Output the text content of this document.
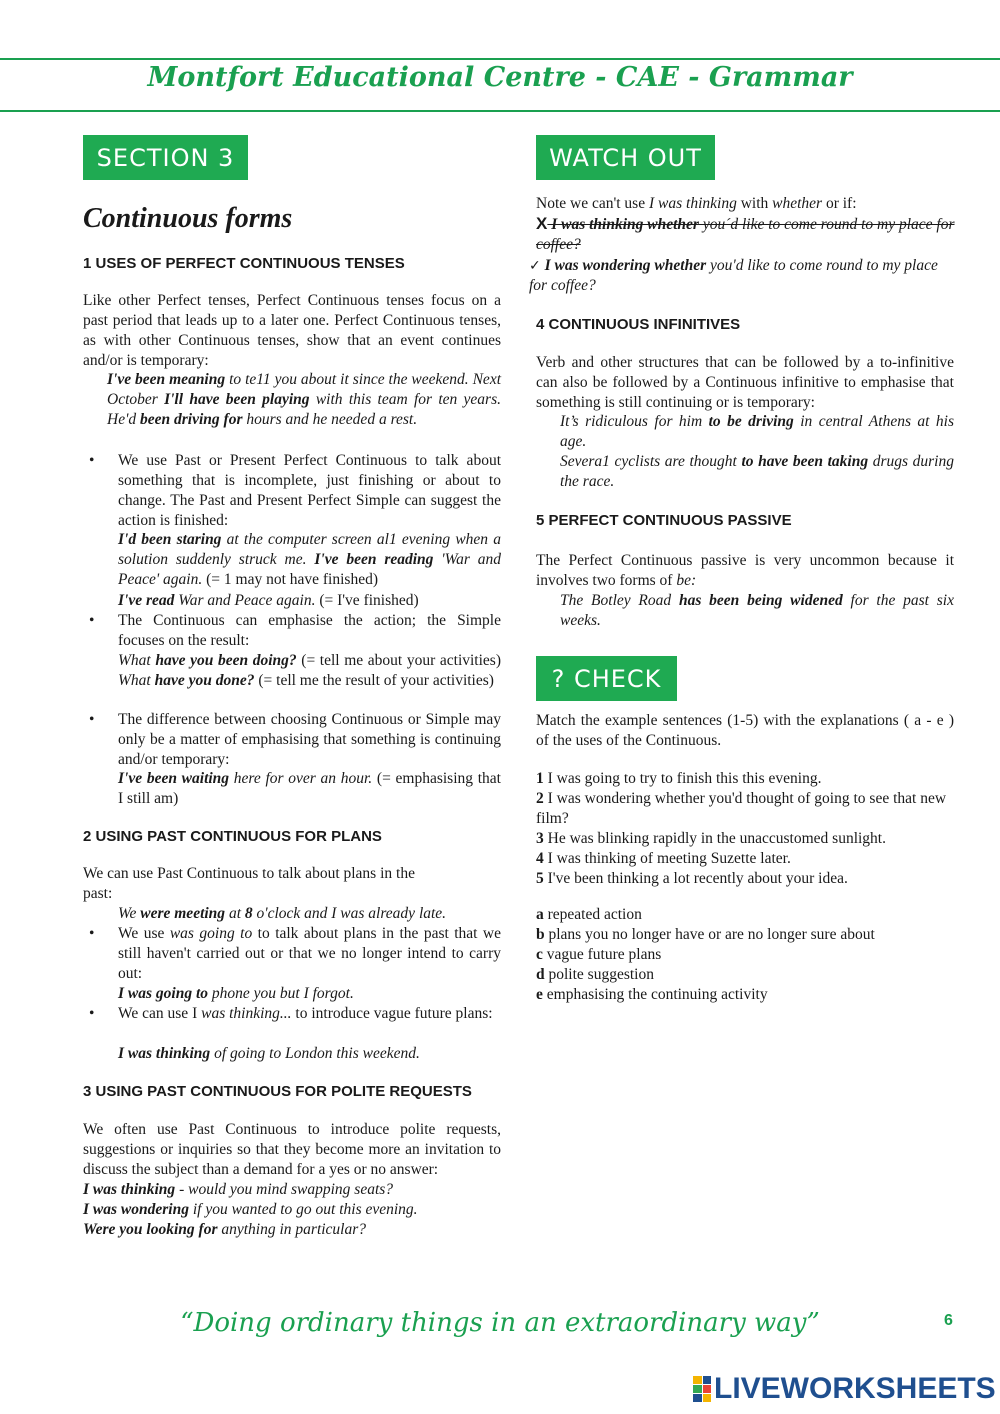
Montfort Educational Centre - CAE - Grammar
SECTION 3
Continuous forms
1 USES OF PERFECT CONTINUOUS TENSES
Like other Perfect tenses, Perfect Continuous tenses focus on a past period that leads up to a later one. Perfect Continuous tenses, as with other Continuous tenses, show that an event continues and/or is temporary:
I've been meaning to te11 you about it since the weekend. Next October I'll have been playing with this team for ten years. He'd been driving for hours and he needed a rest.
• We use Past or Present Perfect Continuous to talk about something that is incomplete, just finishing or about to change. The Past and Present Perfect Simple can suggest the action is finished:
I'd been staring at the computer screen al1 evening when a solution suddenly struck me. I've been reading 'War and Peace' again. (= 1 may not have finished)
I've read War and Peace again. (= I've finished)
• The Continuous can emphasise the action; the Simple focuses on the result:
What have you been doing? (= tell me about your activities) What have you done? (= tell me the result of your activities)
• The difference between choosing Continuous or Simple may only be a matter of emphasising that something is continuing and/or temporary:
I've been waiting here for over an hour. (= emphasising that I still am)
2 USING PAST CONTINUOUS FOR PLANS
We can use Past Continuous to talk about plans in the past:
We were meeting at 8 o'clock and I was already late.
• We use was going to to talk about plans in the past that we still haven't carried out or that we no longer intend to carry out:
I was going to phone you but I forgot.
• We can use I was thinking... to introduce vague future plans:
I was thinking of going to London this weekend.
3 USING PAST CONTINUOUS FOR POLITE REQUESTS
We often use Past Continuous to introduce polite requests, suggestions or inquiries so that they become more an invitation to discuss the subject than a demand for a yes or no answer:
I was thinking - would you mind swapping seats?
I was wondering if you wanted to go out this evening.
Were you looking for anything in particular?
WATCH OUT
Note we can't use I was thinking with whether or if:
X I was thinking whether you´d like to come round to my place for coffee?
✓ I was wondering whether you'd like to come round to my place for coffee?
4 CONTINUOUS INFINITIVES
Verb and other structures that can be followed by a to-infinitive can also be followed by a Continuous infinitive to emphasise that something is still continuing or is temporary:
It’s ridiculous for him to be driving in central Athens at his age.
Severa1 cyclists are thought to have been taking drugs during the race.
5 PERFECT CONTINUOUS PASSIVE
The Perfect Continuous passive is very uncommon because it involves two forms of be:
The Botley Road has been being widened for the past six weeks.
? CHECK
Match the example sentences (1-5) with the explanations ( a - e ) of the uses of the Continuous.
1 I was going to try to finish this this evening.
2 I was wondering whether you'd thought of going to see that new film?
3 He was blinking rapidly in the unaccustomed sunlight.
4 I was thinking of meeting Suzette later.
5 I've been thinking a lot recently about your idea.
a repeated action
b plans you no longer have or are no longer sure about
c vague future plans
d polite suggestion
e emphasising the continuing activity
“Doing ordinary things in an extraordinary way”	6
LIVEWORKSHEETS
